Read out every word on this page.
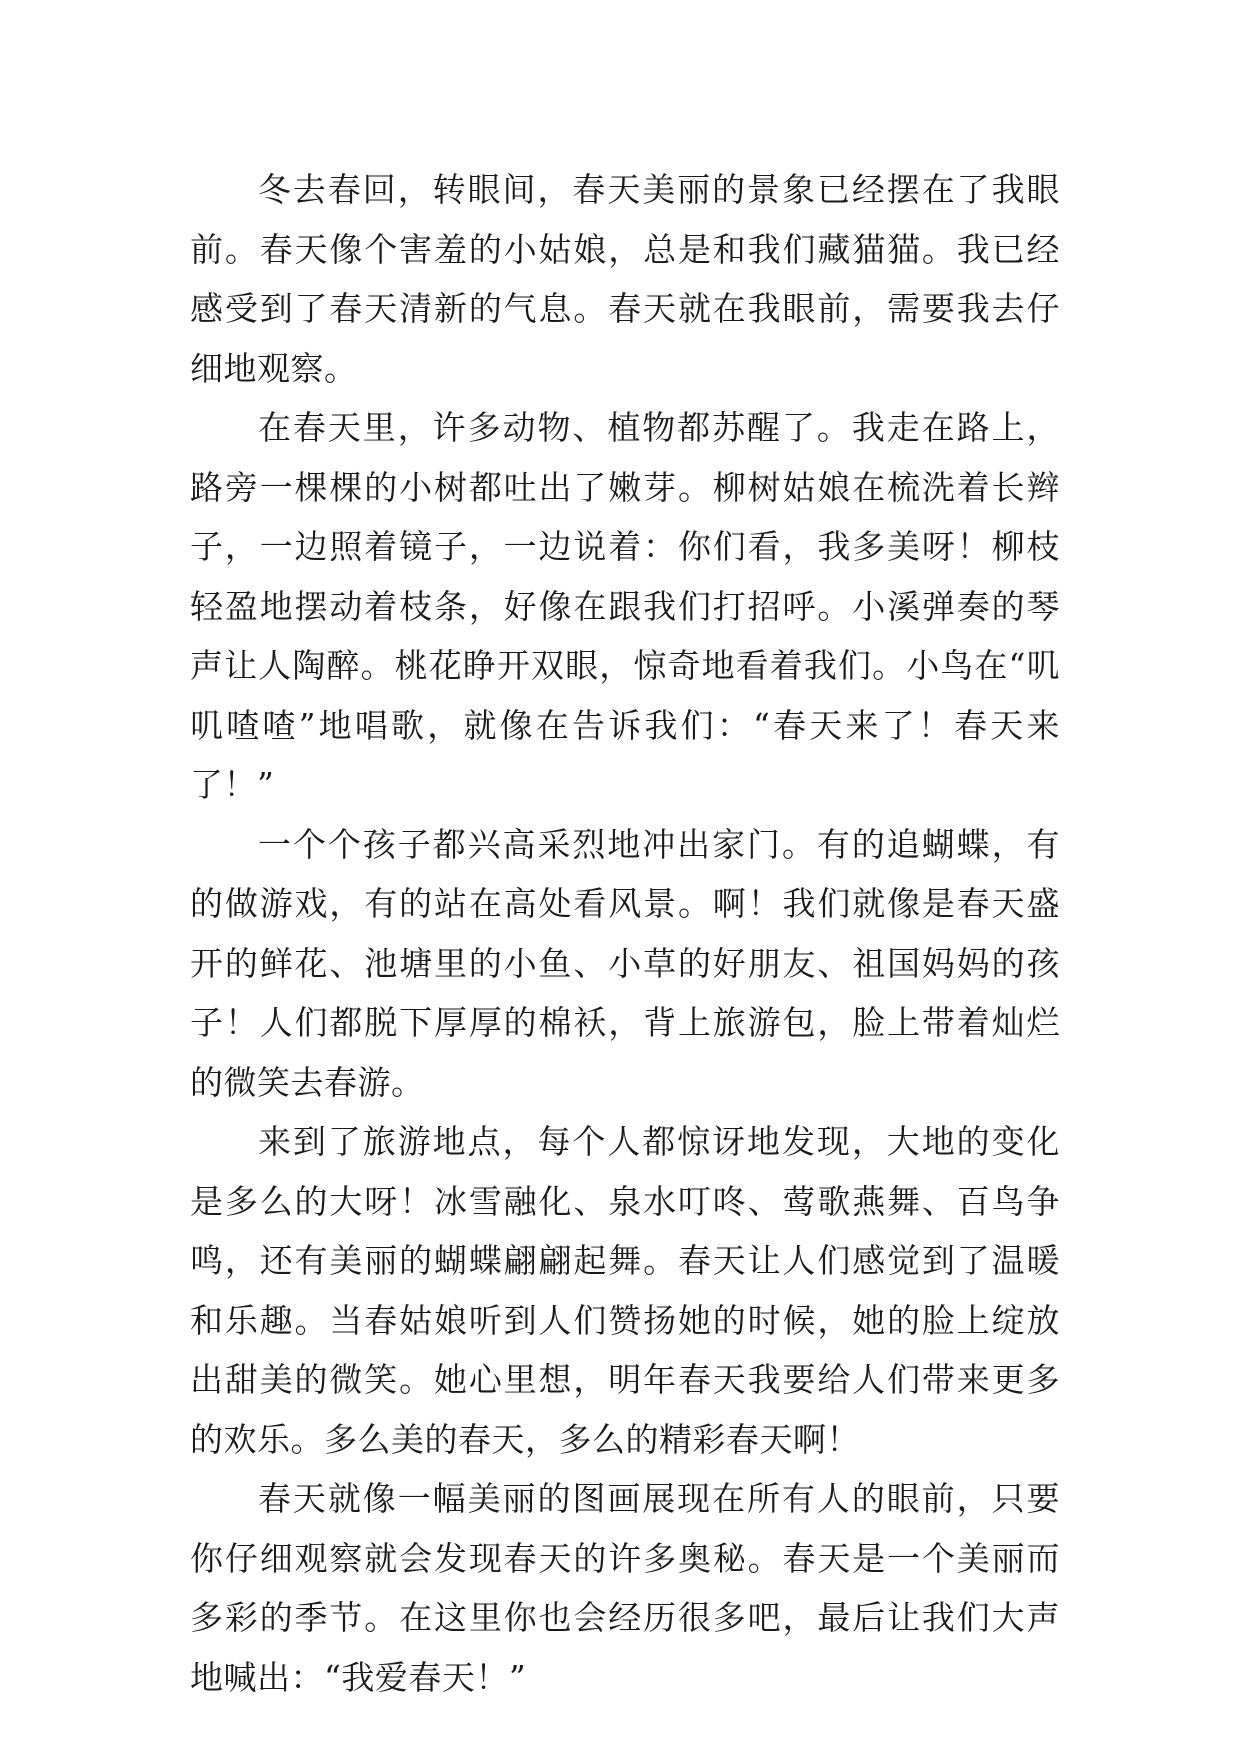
冬去春回，转眼间，春天美丽的景象已经摆在了我眼前。春天像个害羞的小姑娘，总是和我们藏猫猫。我已经感受到了春天清新的气息。春天就在我眼前，需要我去仔细地观察。

在春天里，许多动物、植物都苏醒了。我走在路上，路旁一棵棵的小树都吐出了嫩芽。柳树姑娘在梳洗着长辫子，一边照着镜子，一边说着：你们看，我多美呀！柳枝轻盈地摆动着枝条，好像在跟我们打招呼。小溪弹奏的琴声让人陶醉。桃花睁开双眼，惊奇地看着我们。小鸟在“叽叽喳喳”地唱歌，就像在告诉我们：“春天来了！春天来了！”

一个个孩子都兴高采烈地冲出家门。有的追蝴蝶，有的做游戏，有的站在高处看风景。啊！我们就像是春天盛开的鲜花、池塘里的小鱼、小草的好朋友、祖国妈妈的孩子！人们都脱下厚厚的棉袄，背上旅游包，脸上带着灿烂的微笑去春游。

来到了旅游地点，每个人都惊讶地发现，大地的变化是多么的大呀！冰雪融化、泉水叮咚、莺歌燕舞、百鸟争鸣，还有美丽的蝴蝶翩翩起舞。春天让人们感觉到了温暖和乐趣。当春姑娘听到人们赞扬她的时候，她的脸上绽放出甜美的微笑。她心里想，明年春天我要给人们带来更多的欢乐。多么美的春天，多么的精彩春天啊！

春天就像一幅美丽的图画展现在所有人的眼前，只要你仔细观察就会发现春天的许多奥秘。春天是一个美丽而多彩的季节。在这里你也会经历很多吧，最后让我们大声地喊出：“我爱春天！”
